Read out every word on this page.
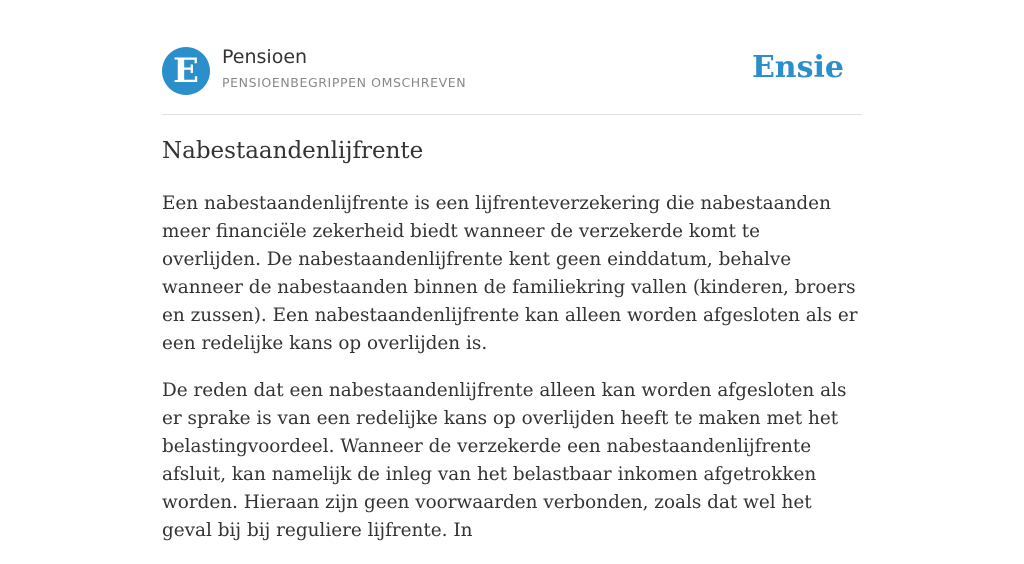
E Pensioen
PENSIOENBEGRIPPEN OMSCHREVEN	Ensie
Nabestaandenlijfrente

Een nabestaandenlijfrente is een lijfrenteverzekering die nabestaanden meer financiële zekerheid biedt wanneer de verzekerde komt te overlijden. De nabestaandenlijfrente kent geen einddatum, behalve wanneer de nabestaanden binnen de familiekring vallen (kinderen, broers en zussen). Een nabestaandenlijfrente kan alleen worden afgesloten als er een redelijke kans op overlijden is.

De reden dat een nabestaandenlijfrente alleen kan worden afgesloten als er sprake is van een redelijke kans op overlijden heeft te maken met het belastingvoordeel. Wanneer de verzekerde een nabestaandenlijfrente afsluit, kan namelijk de inleg van het belastbaar inkomen afgetrokken worden. Hieraan zijn geen voorwaarden verbonden, zoals dat wel het geval bij bij reguliere lijfrente. In
